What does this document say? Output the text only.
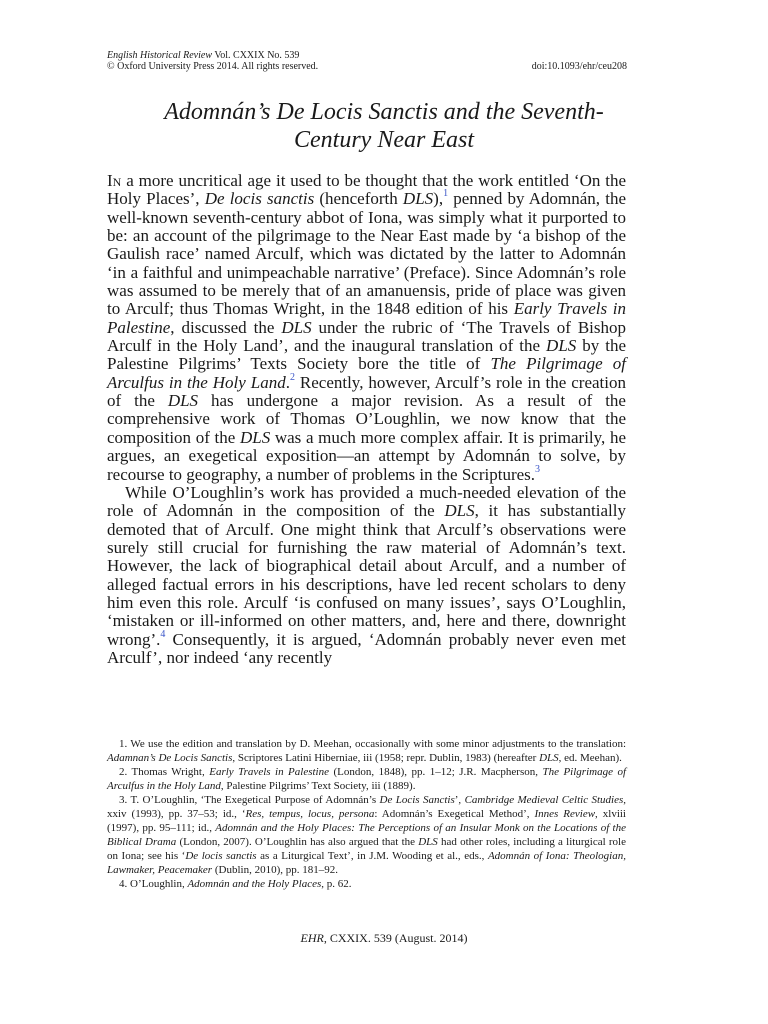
English Historical Review Vol. CXXIX No. 539
© Oxford University Press 2014. All rights reserved.	doi:10.1093/ehr/ceu208
Adomnán’s De Locis Sanctis and the Seventh-
Century Near East

In a more uncritical age it used to be thought that the work entitled ‘On the Holy Places’, De locis sanctis (henceforth DLS),$^1$ penned by Adomnán, the well-known seventh-century abbot of Iona, was simply what it purported to be: an account of the pilgrimage to the Near East made by ‘a bishop of the Gaulish race’ named Arculf, which was dictated by the latter to Adomnán ‘in a faithful and unimpeachable narrative’ (Preface). Since Adomnán’s role was assumed to be merely that of an amanuensis, pride of place was given to Arculf; thus Thomas Wright, in the 1848 edition of his Early Travels in Palestine, discussed the DLS under the rubric of ‘The Travels of Bishop Arculf in the Holy Land’, and the inaugural translation of the DLS by the Palestine Pilgrims’ Texts Society bore the title of The Pilgrimage of Arculfus in the Holy Land.$^2$ Recently, however, Arculf’s role in the creation of the DLS has undergone a major revision. As a result of the comprehensive work of Thomas O’Loughlin, we now know that the composition of the DLS was a much more complex affair. It is primarily, he argues, an exegetical exposition—an attempt by Adomnán to solve, by recourse to geography, a number of problems in the Scriptures.$^3$

While O’Loughlin’s work has provided a much-needed elevation of the role of Adomnán in the composition of the DLS, it has substantially demoted that of Arculf. One might think that Arculf’s observations were surely still crucial for furnishing the raw material of Adomnán’s text. However, the lack of biographical detail about Arculf, and a number of alleged factual errors in his descriptions, have led recent scholars to deny him even this role. Arculf ‘is confused on many issues’, says O’Loughlin, ‘mistaken or ill-informed on other matters, and, here and there, downright wrong’.$^4$ Consequently, it is argued, ‘Adomnán probably never even met Arculf’, nor indeed ‘any recently

1. We use the edition and translation by D. Meehan, occasionally with some minor adjustments to the translation: Adamnan’s De Locis Sanctis, Scriptores Latini Hiberniae, iii (1958; repr. Dublin, 1983) (hereafter DLS, ed. Meehan).

2. Thomas Wright, Early Travels in Palestine (London, 1848), pp. 1–12; J.R. Macpherson, The Pilgrimage of Arculfus in the Holy Land, Palestine Pilgrims’ Text Society, iii (1889).

3. T. O’Loughlin, ‘The Exegetical Purpose of Adomnán’s De Locis Sanctis’, Cambridge Medieval Celtic Studies, xxiv (1993), pp. 37–53; id., ‘Res, tempus, locus, persona: Adomnán’s Exegetical Method’, Innes Review, xlviii (1997), pp. 95–111; id., Adomnán and the Holy Places: The Perceptions of an Insular Monk on the Locations of the Biblical Drama (London, 2007). O’Loughlin has also argued that the DLS had other roles, including a liturgical role on Iona; see his ‘De locis sanctis as a Liturgical Text’, in J.M. Wooding et al., eds., Adomnán of Iona: Theologian, Lawmaker, Peacemaker (Dublin, 2010), pp. 181–92.

4. O’Loughlin, Adomnán and the Holy Places, p. 62.

EHR, CXXIX. 539 (August. 2014)
